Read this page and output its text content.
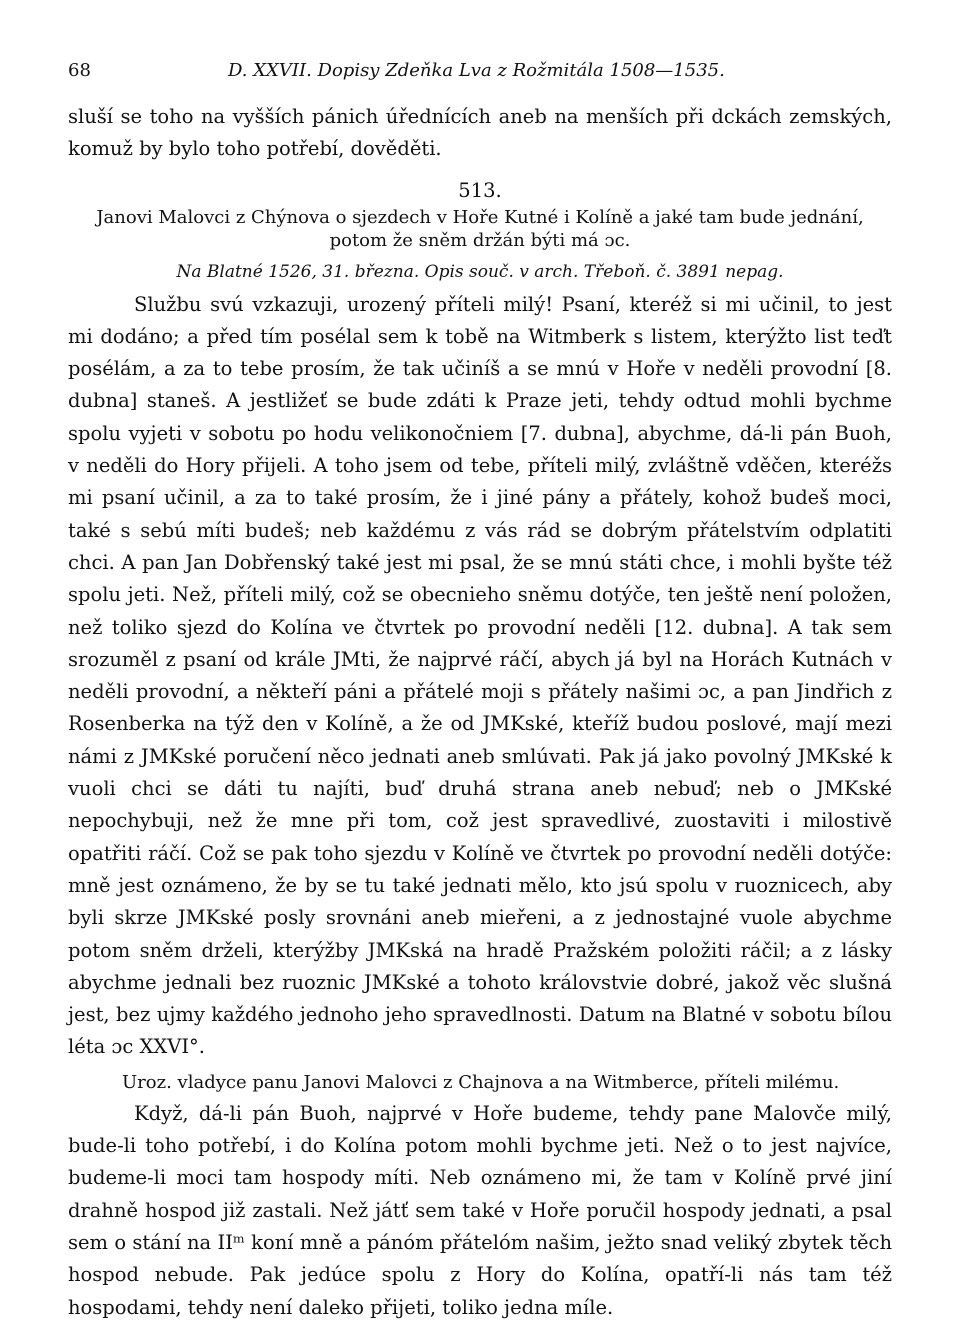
68	D. XXVII. Dopisy Zdeňka Lva z Rožmitála 1508—1535.

sluší se toho na vyšších pánich úřednících aneb na menších při dckách zemských, komuž by bylo toho potřebí, dověděti.

513.
Janovi Malovci z Chýnova o sjezdech v Hoře Kutné i Kolíně a jaké tam bude jednání, potom že sněm držán býti má ɔc.
Na Blatné 1526, 31. března. Opis souč. v arch. Třeboň. č. 3891 nepag.

Službu svú vzkazuji, urozený příteli milý! Psaní, kteréž si mi učinil, to jest mi dodáno; a před tím posélal sem k tobě na Witmberk s listem, kterýžto list teďt posélám, a za to tebe prosím, že tak učiníš a se mnú v Hoře v neděli provodní [8. dubna] staneš. A jestližeť se bude zdáti k Praze jeti, tehdy odtud mohli bychme spolu vyjeti v sobotu po hodu velikonočniem [7. dubna], abychme, dá-li pán Buoh, v neděli do Hory přijeli. A toho jsem od tebe, příteli milý, zvláštně vděčen, kteréžs mi psaní učinil, a za to také prosím, že i jiné pány a přátely, kohož budeš moci, také s sebú míti budeš; neb každému z vás rád se dobrým přátelstvím odplatiti chci. A pan Jan Dobřenský také jest mi psal, že se mnú státi chce, i mohli byšte též spolu jeti. Než, příteli milý, což se obecnieho sněmu dotýče, ten ještě není položen, než toliko sjezd do Kolína ve čtvrtek po provodní neděli [12. dubna]. A tak sem srozuměl z psaní od krále JMti, že najprvé ráčí, abych já byl na Horách Kutnách v neděli provodní, a někteří páni a přátelé moji s přátely našimi ɔc, a pan Jindřich z Rosenberka na týž den v Kolíně, a že od JMKské, kteříž budou poslové, mají mezi námi z JMKské poručení něco jednati aneb smlúvati. Pak já jako povolný JMKské k vuoli chci se dáti tu najíti, buď druhá strana aneb nebuď; neb o JMKské nepochybuji, než že mne při tom, což jest spravedlivé, zuostaviti i milostivě opatřiti ráčí. Což se pak toho sjezdu v Kolíně ve čtvrtek po provodní neděli dotýče: mně jest oznámeno, že by se tu také jednati mělo, kto jsú spolu v ruoznicech, aby byli skrze JMKské posly srovnáni aneb mieřeni, a z jednostajné vuole abychme potom sněm drželi, kterýžby JMKská na hradě Pražském položiti ráčil; a z lásky abychme jednali bez ruoznic JMKské a tohoto královstvie dobré, jakož věc slušná jest, bez ujmy každého jednoho jeho spravedlnosti. Datum na Blatné v sobotu bílou léta ɔc XXVI°.

Uroz. vladyce panu Janovi Malovci z Chajnova a na Witmberce, příteli milému.

Když, dá-li pán Buoh, najprvé v Hoře budeme, tehdy pane Malovče milý, bude-li toho potřebí, i do Kolína potom mohli bychme jeti. Než o to jest najvíce, budeme-li moci tam hospody míti. Neb oznámeno mi, že tam v Kolíně prvé jiní drahně hospod již zastali. Než játť sem také v Hoře poručil hospody jednati, a psal sem o stání na IIᵐ koní mně a pánóm přátelóm našim, ježto snad veliký zbytek těch hospod nebude. Pak jedúce spolu z Hory do Kolína, opatří-li nás tam též hospodami, tehdy není daleko přijeti, toliko jedna míle.
